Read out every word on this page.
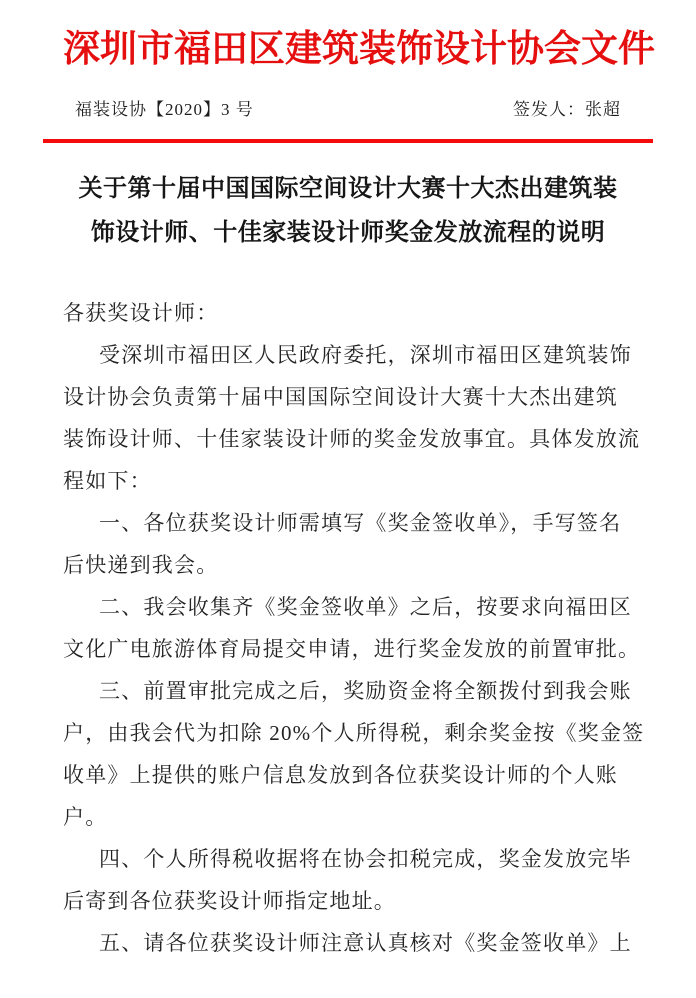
深圳市福田区建筑装饰设计协会文件
福装设协【2020】3 号	签发人：张超
关于第十届中国国际空间设计大赛十大杰出建筑装
饰设计师、十佳家装设计师奖金发放流程的说明
各获奖设计师：
受深圳市福田区人民政府委托，深圳市福田区建筑装饰
设计协会负责第十届中国国际空间设计大赛十大杰出建筑
装饰设计师、十佳家装设计师的奖金发放事宜。具体发放流
程如下：
一、各位获奖设计师需填写《奖金签收单》，手写签名
后快递到我会。
二、我会收集齐《奖金签收单》之后，按要求向福田区
文化广电旅游体育局提交申请，进行奖金发放的前置审批。
三、前置审批完成之后，奖励资金将全额拨付到我会账
户，由我会代为扣除 20%个人所得税，剩余奖金按《奖金签
收单》上提供的账户信息发放到各位获奖设计师的个人账
户。
四、个人所得税收据将在协会扣税完成，奖金发放完毕
后寄到各位获奖设计师指定地址。
五、请各位获奖设计师注意认真核对《奖金签收单》上
